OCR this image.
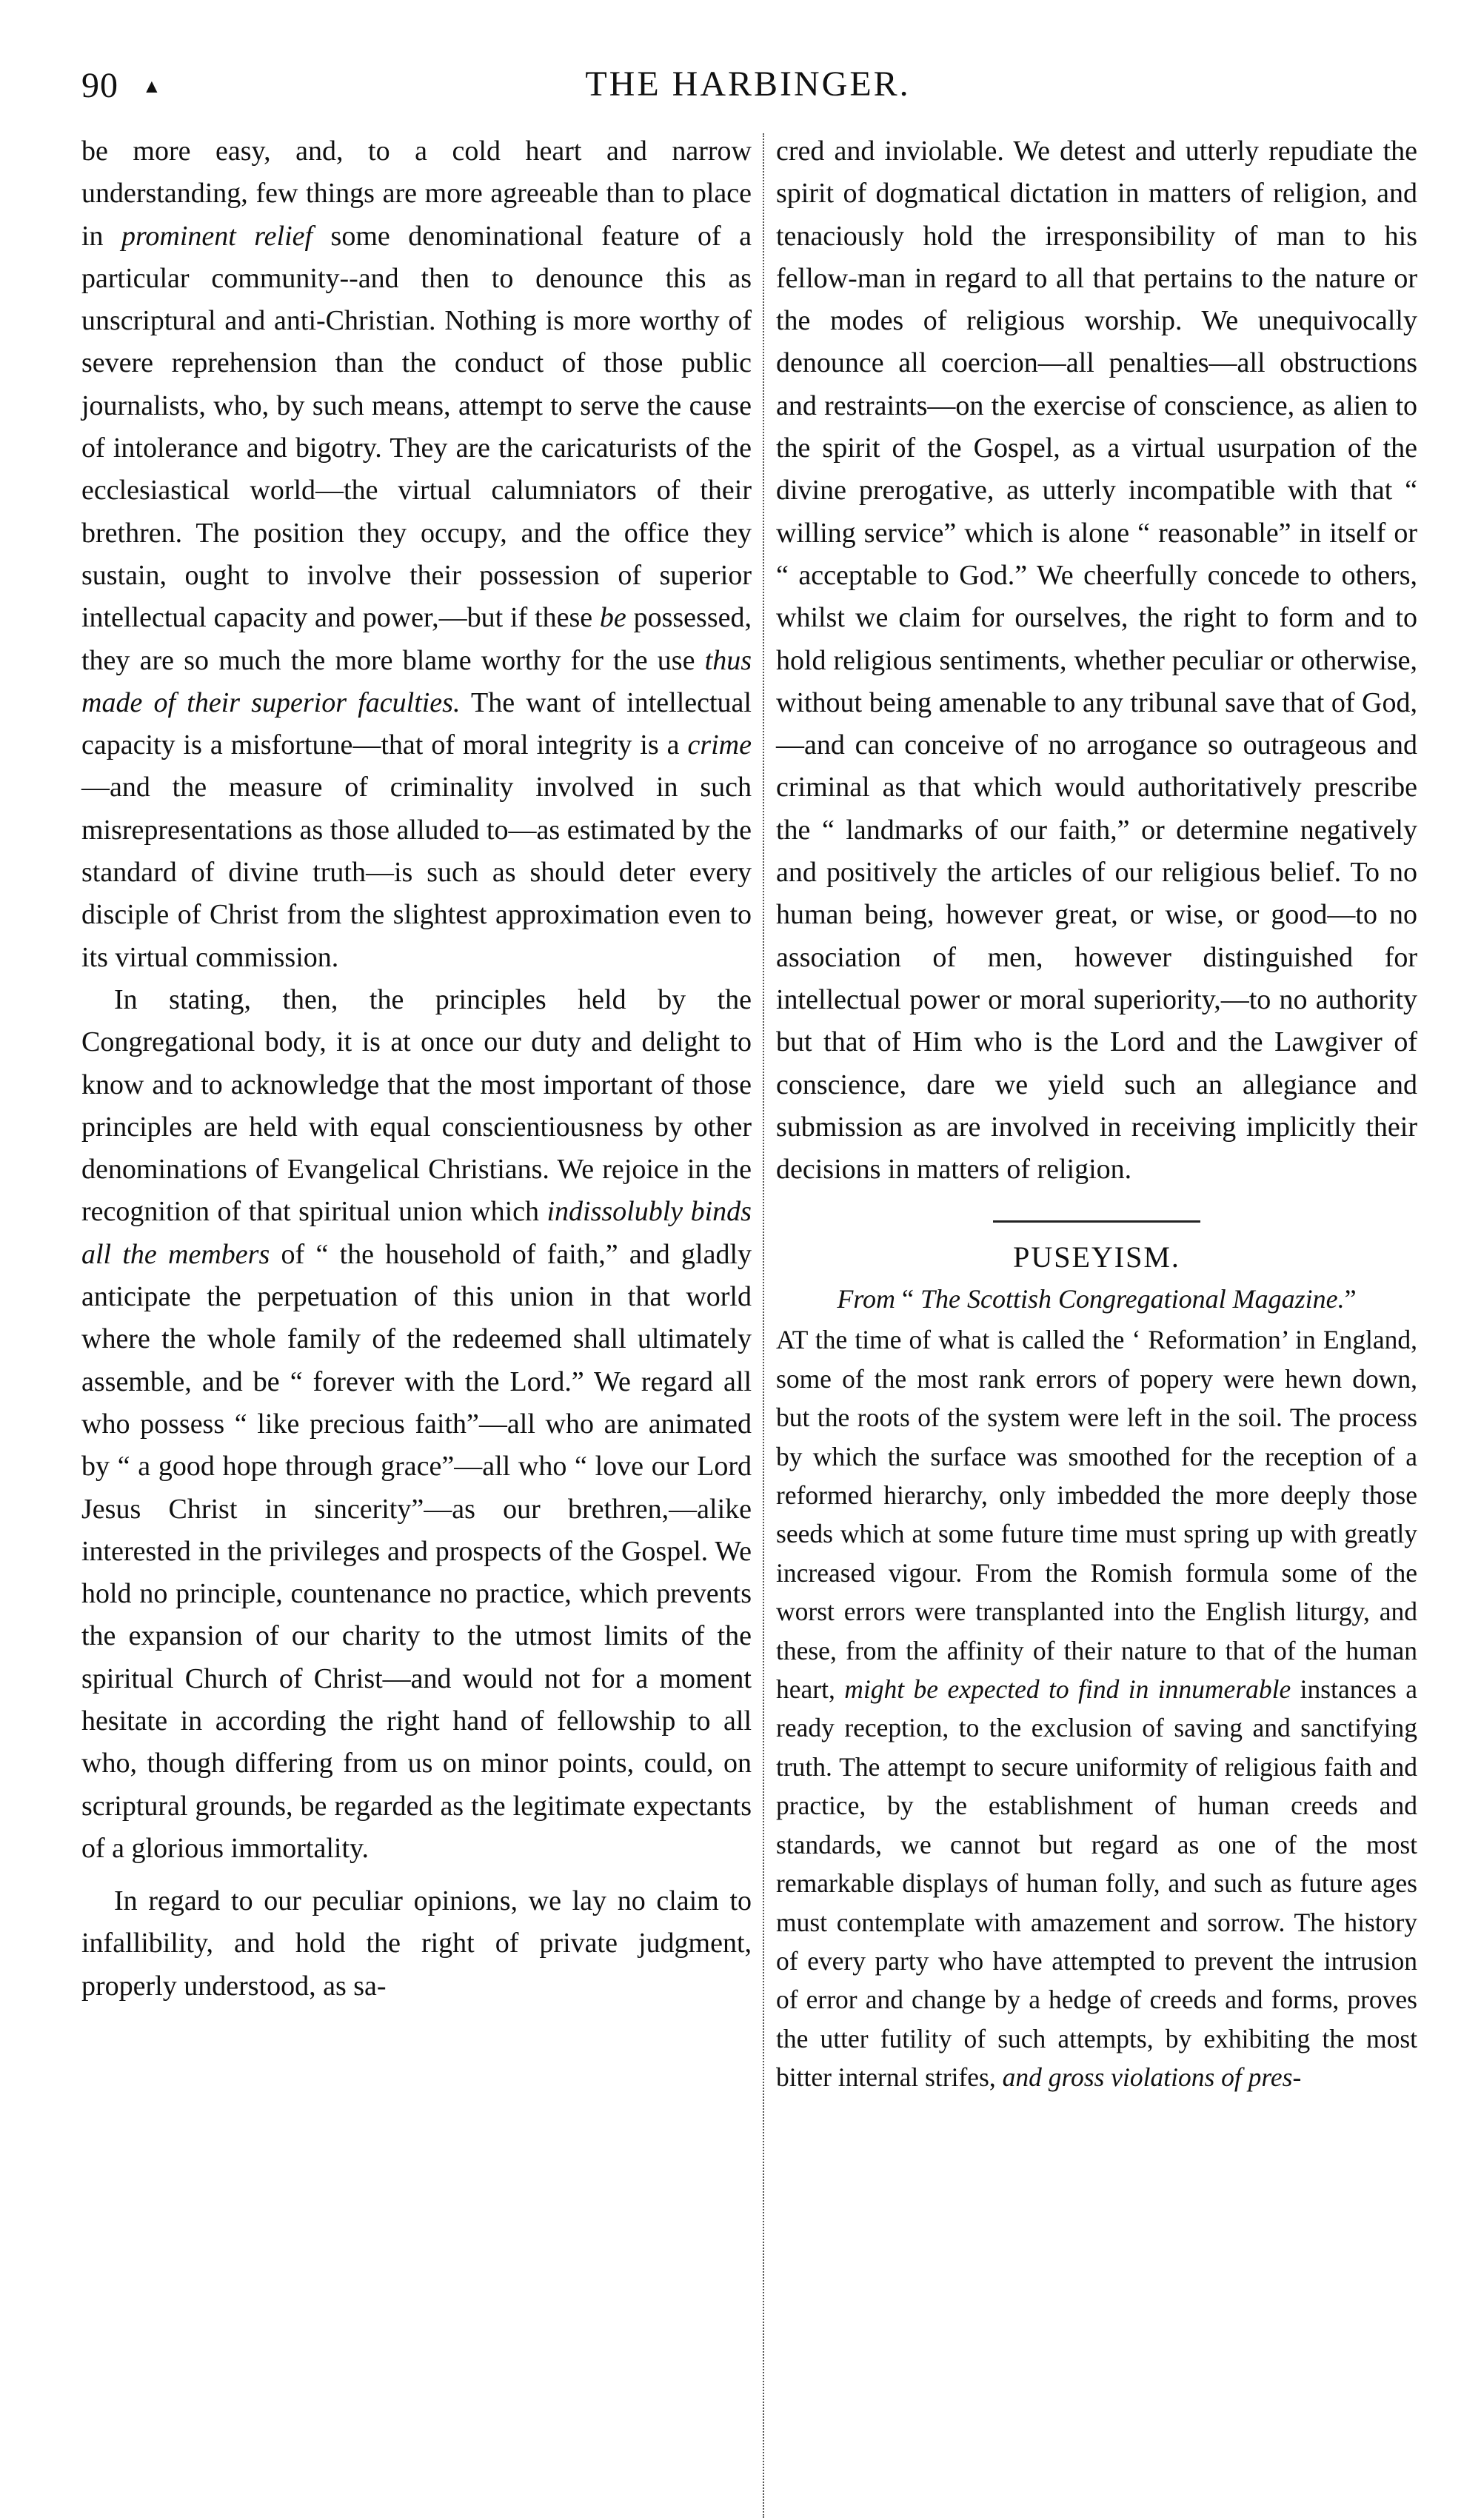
90 ▲	THE HARBINGER.

be more easy, and, to a cold heart and narrow understanding, few things are more agreeable than to place in prominent relief some denominational feature of a particular community--and then to denounce this as unscriptural and anti-Christian. Nothing is more worthy of severe reprehension than the conduct of those public journalists, who, by such means, attempt to serve the cause of intolerance and bigotry. They are the caricaturists of the ecclesiastical world—the virtual calumniators of their brethren. The position they occupy, and the office they sustain, ought to involve their possession of superior intellectual capacity and power,—but if these be possessed, they are so much the more blame worthy for the use thus made of their superior faculties. The want of intellectual capacity is a misfortune—that of moral integrity is a crime—and the measure of criminality involved in such misrepresentations as those alluded to—as estimated by the standard of divine truth—is such as should deter every disciple of Christ from the slightest approximation even to its virtual commission.

In stating, then, the principles held by the Congregational body, it is at once our duty and delight to know and to acknowledge that the most important of those principles are held with equal conscientiousness by other denominations of Evangelical Christians. We rejoice in the recognition of that spiritual union which indissolubly binds all the members of “ the household of faith,” and gladly anticipate the perpetuation of this union in that world where the whole family of the redeemed shall ultimately assemble, and be “ forever with the Lord.” We regard all who possess “ like precious faith”—all who are animated by “ a good hope through grace”—all who “ love our Lord Jesus Christ in sincerity”—as our brethren,—alike interested in the privileges and prospects of the Gospel. We hold no principle, countenance no practice, which prevents the expansion of our charity to the utmost limits of the spiritual Church of Christ—and would not for a moment hesitate in according the right hand of fellowship to all who, though differing from us on minor points, could, on scriptural grounds, be regarded as the legitimate expectants of a glorious immortality.

In regard to our peculiar opinions, we lay no claim to infallibility, and hold the right of private judgment, properly understood, as sa-

cred and inviolable. We detest and utterly repudiate the spirit of dogmatical dictation in matters of religion, and tenaciously hold the irresponsibility of man to his fellow-man in regard to all that pertains to the nature or the modes of religious worship. We unequivocally denounce all coercion—all penalties—all obstructions and restraints—on the exercise of conscience, as alien to the spirit of the Gospel, as a virtual usurpation of the divine prerogative, as utterly incompatible with that “ willing service” which is alone “ reasonable” in itself or “ acceptable to God.” We cheerfully concede to others, whilst we claim for ourselves, the right to form and to hold religious sentiments, whether peculiar or otherwise, without being amenable to any tribunal save that of God,—and can conceive of no arrogance so outrageous and criminal as that which would authoritatively prescribe the “ landmarks of our faith,” or determine negatively and positively the articles of our religious belief. To no human being, however great, or wise, or good—to no association of men, however distinguished for intellectual power or moral superiority,—to no authority but that of Him who is the Lord and the Lawgiver of conscience, dare we yield such an allegiance and submission as are involved in receiving implicitly their decisions in matters of religion.

PUSEYISM.
From “ The Scottish Congregational Magazine.”

AT the time of what is called the ‘ Reformation’ in England, some of the most rank errors of popery were hewn down, but the roots of the system were left in the soil. The process by which the surface was smoothed for the reception of a reformed hierarchy, only imbedded the more deeply those seeds which at some future time must spring up with greatly increased vigour. From the Romish formula some of the worst errors were transplanted into the English liturgy, and these, from the affinity of their nature to that of the human heart, might be expected to find in innumerable instances a ready reception, to the exclusion of saving and sanctifying truth. The attempt to secure uniformity of religious faith and practice, by the establishment of human creeds and standards, we cannot but regard as one of the most remarkable displays of human folly, and such as future ages must contemplate with amazement and sorrow. The history of every party who have attempted to prevent the intrusion of error and change by a hedge of creeds and forms, proves the utter futility of such attempts, by exhibiting the most bitter internal strifes, and gross violations of pres-
